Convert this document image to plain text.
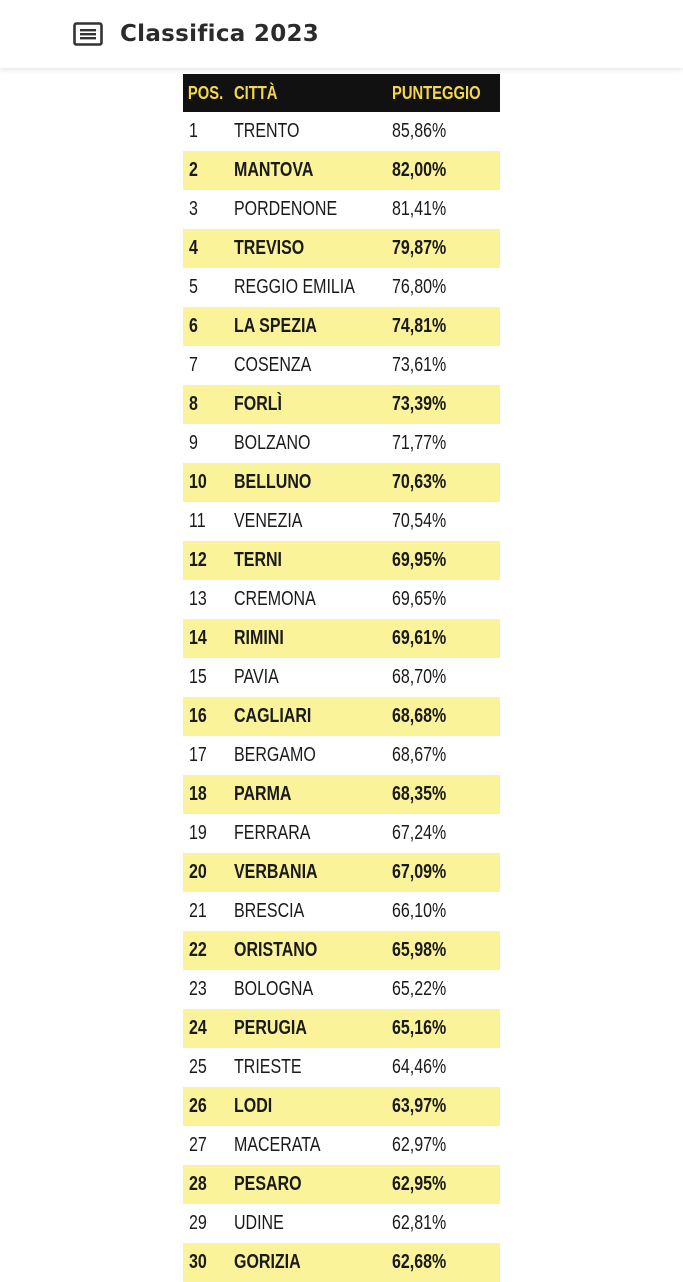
Classifica 2023
POS.	CITTÀ	PUNTEGGIO
1	TRENTO	85,86%
2	MANTOVA	82,00%
3	PORDENONE	81,41%
4	TREVISO	79,87%
5	REGGIO EMILIA	76,80%
6	LA SPEZIA	74,81%
7	COSENZA	73,61%
8	FORLÌ	73,39%
9	BOLZANO	71,77%
10	BELLUNO	70,63%
11	VENEZIA	70,54%
12	TERNI	69,95%
13	CREMONA	69,65%
14	RIMINI	69,61%
15	PAVIA	68,70%
16	CAGLIARI	68,68%
17	BERGAMO	68,67%
18	PARMA	68,35%
19	FERRARA	67,24%
20	VERBANIA	67,09%
21	BRESCIA	66,10%
22	ORISTANO	65,98%
23	BOLOGNA	65,22%
24	PERUGIA	65,16%
25	TRIESTE	64,46%
26	LODI	63,97%
27	MACERATA	62,97%
28	PESARO	62,95%
29	UDINE	62,81%
30	GORIZIA	62,68%
